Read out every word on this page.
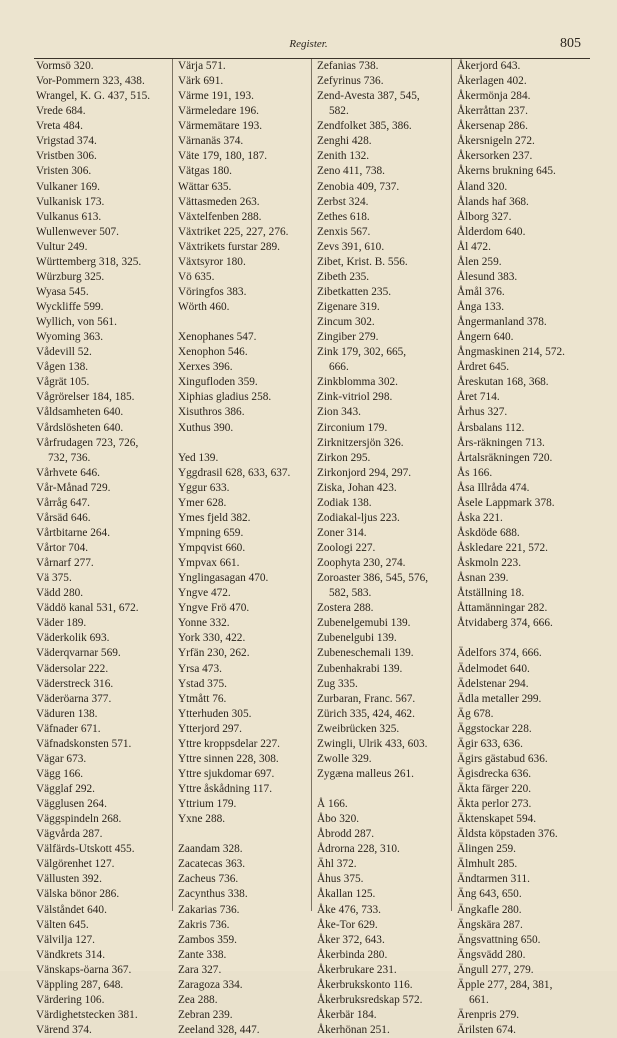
Register.	805
Vormsö 320.
Vor-Pommern 323, 438.
Wrangel, K. G. 437, 515.
Vrede 684.
Vreta 484.
Vrigstad 374.
Vristben 306.
Vristen 306.
Vulkaner 169.
Vulkanisk 173.
Vulkanus 613.
Wullenwever 507.
Vultur 249.
Württemberg 318, 325.
Würzburg 325.
Wyasa 545.
Wyckliffe 599.
Wyllich, von 561.
Wyoming 363.
Vådevill 52.
Vågen 138.
Vågrät 105.
Vågrörelser 184, 185.
Våldsamheten 640.
Vårdslösheten 640.
Vårfrudagen 723, 726,
732, 736.
Vårhvete 646.
Vår-Månad 729.
Vårråg 647.
Vårsäd 646.
Vårtbitarne 264.
Vårtor 704.
Vårnarf 277.
Vä 375.
Vädd 280.
Väddö kanal 531, 672.
Väder 189.
Väderkolik 693.
Väderqvarnar 569.
Vädersolar 222.
Väderstreck 316.
Väderöarna 377.
Väduren 138.
Väfnader 671.
Väfnadskonsten 571.
Vägar 673.
Vägg 166.
Vägglaf 292.
Vägglusen 264.
Väggspindeln 268.
Vägvårda 287.
Välfärds-Utskott 455.
Välgörenhet 127.
Vällusten 392.
Välska bönor 286.
Välståndet 640.
Välten 645.
Välvilja 127.
Vändkrets 314.
Vänskaps-öarna 367.
Väppling 287, 648.
Värdering 106.
Värdighetstecken 381.
Värend 374.
Värja 571.
Värk 691.
Värme 191, 193.
Värmeledare 196.
Värmemätare 193.
Värnanäs 374.
Väte 179, 180, 187.
Vätgas 180.
Wättar 635.
Vättasmeden 263.
Växtelfenben 288.
Växtriket 225, 227, 276.
Växtrikets furstar 289.
Växtsyror 180.
Vö 635.
Vöringfos 383.
Wörth 460.
Xenophanes 547.
Xenophon 546.
Xerxes 396.
Xingufloden 359.
Xiphias gladius 258.
Xisuthros 386.
Xuthus 390.
Yed 139.
Yggdrasil 628, 633, 637.
Yggur 633.
Ymer 628.
Ymes fjeld 382.
Ympning 659.
Ympqvist 660.
Ympvax 661.
Ynglingasagan 470.
Yngve 472.
Yngve Frö 470.
Yonne 332.
York 330, 422.
Yrfän 230, 262.
Yrsa 473.
Ystad 375.
Ytmått 76.
Ytterhuden 305.
Ytterjord 297.
Yttre kroppsdelar 227.
Yttre sinnen 228, 308.
Yttre sjukdomar 697.
Yttre åskådning 117.
Yttrium 179.
Yxne 288.
Zaandam 328.
Zacatecas 363.
Zacheus 736.
Zacynthus 338.
Zakarias 736.
Zakris 736.
Zambos 359.
Zante 338.
Zara 327.
Zaragoza 334.
Zea 288.
Zebran 239.
Zeeland 328, 447.
Zefanias 738.
Zefyrinus 736.
Zend-Avesta 387, 545,
582.
Zendfolket 385, 386.
Zenghi 428.
Zenith 132.
Zeno 411, 738.
Zenobia 409, 737.
Zerbst 324.
Zethes 618.
Zenxis 567.
Zevs 391, 610.
Zibet, Krist. B. 556.
Zibeth 235.
Zibetkatten 235.
Zigenare 319.
Zincum 302.
Zingiber 279.
Zink 179, 302, 665,
666.
Zinkblomma 302.
Zink-vitriol 298.
Zion 343.
Zirconium 179.
Zirknitzersjön 326.
Zirkon 295.
Zirkonjord 294, 297.
Ziska, Johan 423.
Zodiak 138.
Zodiakal-ljus 223.
Zoner 314.
Zoologi 227.
Zoophyta 230, 274.
Zoroaster 386, 545, 576,
582, 583.
Zostera 288.
Zubenelgemubi 139.
Zubenelgubi 139.
Zubeneschemali 139.
Zubenhakrabi 139.
Zug 335.
Zurbaran, Franc. 567.
Zürich 335, 424, 462.
Zweibrücken 325.
Zwingli, Ulrik 433, 603.
Zwolle 329.
Zygæna malleus 261.
Å 166.
Åbo 320.
Åbrodd 287.
Ådrorna 228, 310.
Ähl 372.
Åhus 375.
Åkallan 125.
Åke 476, 733.
Åke-Tor 629.
Åker 372, 643.
Åkerbinda 280.
Åkerbrukare 231.
Åkerbrukskonto 116.
Åkerbruksredskap 572.
Åkerbär 184.
Åkerhönan 251.
Åkerjord 643.
Åkerlagen 402.
Åkermönja 284.
Åkerråttan 237.
Åkersenap 286.
Åkersnigeln 272.
Åkersorken 237.
Åkerns brukning 645.
Åland 320.
Ålands haf 368.
Ålborg 327.
Ålderdom 640.
Ål 472.
Ålen 259.
Ålesund 383.
Åmål 376.
Ånga 133.
Ångermanland 378.
Ångern 640.
Ångmaskinen 214, 572.
Årdret 645.
Åreskutan 168, 368.
Året 714.
Århus 327.
Årsbalans 112.
Års-räkningen 713.
Årtalsräkningen 720.
Ås 166.
Åsa Illråda 474.
Åsele Lappmark 378.
Åska 221.
Åskdöde 688.
Åskledare 221, 572.
Åskmoln 223.
Åsnan 239.
Åtställning 18.
Åttamänningar 282.
Åtvidaberg 374, 666.
Ädelfors 374, 666.
Ädelmodet 640.
Ädelstenar 294.
Ädla metaller 299.
Äg 678.
Äggstockar 228.
Ägir 633, 636.
Ägirs gästabud 636.
Ägisdrecka 636.
Äkta färger 220.
Äkta perlor 273.
Äktenskapet 594.
Äldsta köpstaden 376.
Älingen 259.
Älmhult 285.
Ändtarmen 311.
Äng 643, 650.
Ängkafle 280.
Ängskära 287.
Ängsvattning 650.
Ängsvädd 280.
Ängull 277, 279.
Äpple 277, 284, 381,
661.
Ärenpris 279.
Ärilsten 674.
